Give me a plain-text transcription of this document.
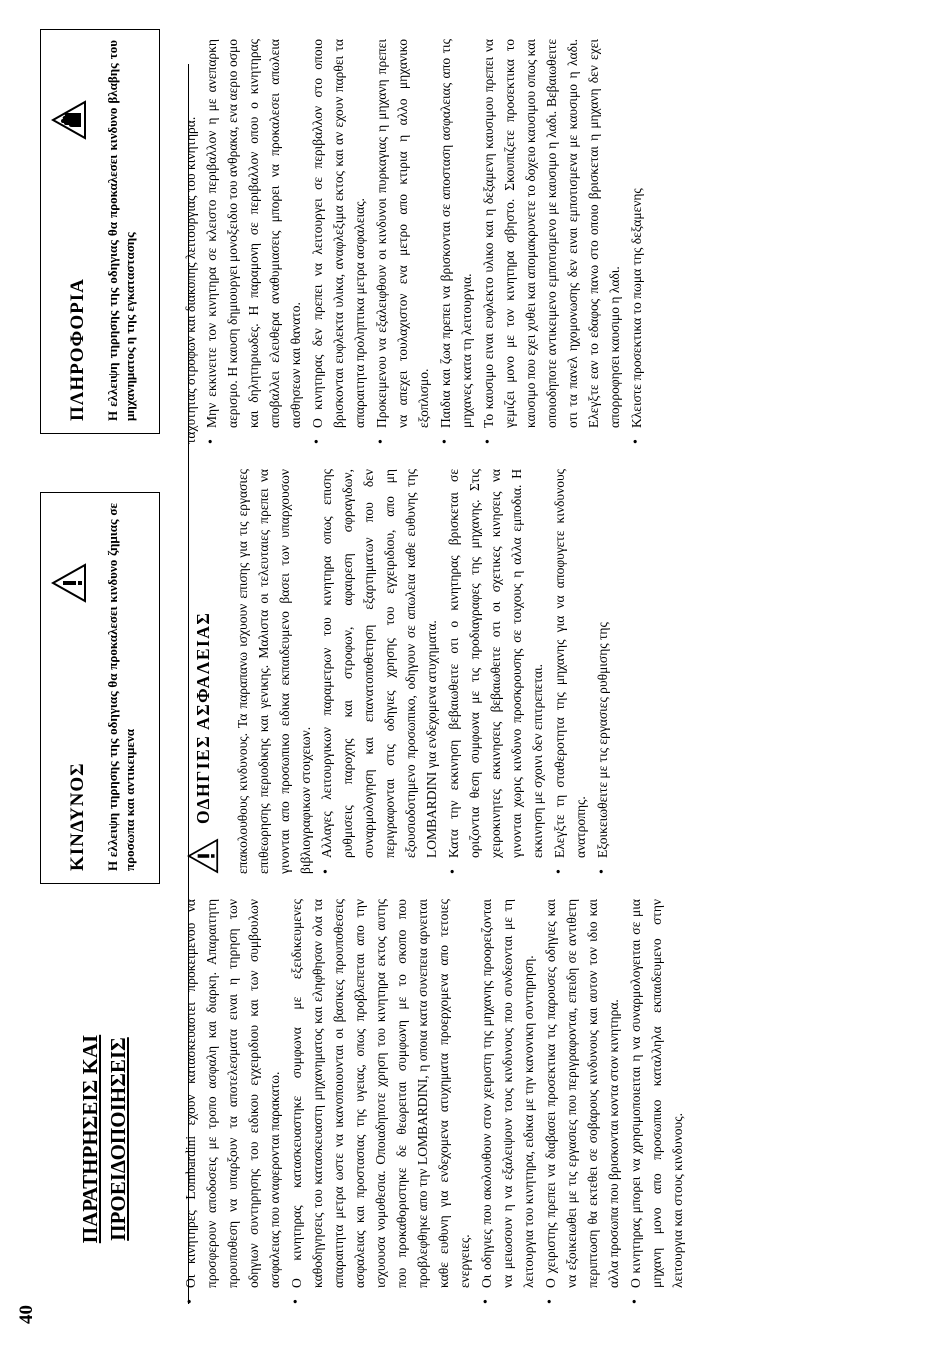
40
ΠΑΡΑΤΗΡΗΣΕΙΣ ΚΑΙ ΠΡΟΕΙΔΟΠΟΙΗΣΕΙΣ
ΚΙΝΔΥΝΟΣ Η ελλειψη τηρησης της οδηγιας θα προκαλεσει κινδυνο ζημιας σε προσωπα και αντικειμενα
ΠΛΗΡΟΦΟΡΙΑ Η ελλειψη τηρησης της οδηγιας θα προκαλεσει κινδυνο βλαβης του μηχανηματος η της εγκαταστασης
• Οι κινητηρες Lombardini εχουν κατασκευαστει προκειμενου να προσφερουν αποδοσεις με τροπο ασφαλη και διαρκη. Απαραιτητη προυποθεση να υπαρξουν τα αποτελεσματα ειναι η τηρηση των οδηγιων συντηρησης του ειδικου εγχειριδιου και των συμβουλων ασφαλειας που αναφερονται παρακατω. • Ο κινητηρας κατασκευαστηκε συμφωνα με εξειδικευμενες καθοδηγησεις του κατασκευαστη μηχανηματος και εληφθησαν ολα τα απαραιτητα μετρα ωστε να ικανοποιουνται οι βασικες προυποθεσεις ασφαλειας και προστασιας της υγειας, οπως προβλεπεται απο την ισχυουσα νομοθεσια. Οποιαδηποτε χρηση του κινητηρα εκτος αυτης που προκαθοριστηκε δε θεωρειται συμφωνη με το σκοπο που προβλεφθηκε απο την LOMBARDINI, η οποια κατα συνεπεια αρνειται καθε ευθυνη για ενδεχομενα ατυχηματα προερχομενα απο τετοιες ενεργειες. • Οι οδηγιες που ακολουθουν στον χειριστη της μηχανης προορειζονται να μειωσουν η να εξαλειψουν τους κινδυνους που συνδεονται με τη λειτουργια του κινητηρα, ειδικα με την κανονικη συντηρηση. • Ο χειριστης πρεπει να διαβασει προσεκτικα τις παρουσες οδηγιες και να εξοικειωθει με τις εργασιες που περιγραφονται, επειδη σε αντιθετη περιπτωση θα εκτεθει σε σοβαρους κινδυνους και αυτον τον ιδιο και αλλα προσωπα που βρισκονται κοντα στον κινητηρα. • Ο κινητηρας μπορει να χρησιμοποιειται η να συναρμολογειται σε μια μηχανη μονο απο προσωπικο καταλληλα εκπαιδευμενο στην λειτουργια και στους κινδυνους.
ΟΔΗΓΙΕΣ ΑΣΦΑΛΕΙΑΣ επακολουθους κινδυνους. Τα παραπανω ισχυουν επισης για τις εργασιες επιθεωρησης περιοδικης και γενικης. Μαλιστα οι τελευταιες πρεπει να γινονται απο προσωπικο ειδικα εκπαιδευμενο βασει των υπαρχουσων βιβλιογραφικων στοιχειων. • Αλλαγες λειτουργικων παραμετρων του κινητηρα οπως επισης ρυθμισεις παροχης και στροφων, αφαιρεση σφραγιδων, συναρμολογηση και επανατοποθετηση εξαρτηματων που δεν περιγραφονται στις οδηγιες χρησης του εγχειριδιου, απο μη εξουσιοδοτημενο προσωπικο, οδηγουν σε απωλεια καθε ευθυνης της LOMBARDINI για ενδεχομενα ατυχηματα. • Κατα την εκκινηση βεβαιωθειτε οτι ο κινητηρας βρισκεται σε οριζοντια θεση συμφωνα με τις προδιαγραφες της μηχανης. Στις χειροκινητες εκκινησεις βεβαιωθειτε οτι οι σχετικες κινησεις να γινονται χωρις κινδυνο προσκρουσης σε τοιχους η αλλα εμποδια. Η εκκινηση με σχοινι δεν επιτρεπεται. • Ελεγξτε τη σταθεροτητα της μηχανης για να αποφυγετε κινδυνους ανατροπης. • Εξοικειωθειτε με τις εργασιες ρυθμισης της

ταχυτητας στροφων και διακοπης λειτουργιας του κινητηρα. • Μην εκκινειτε τον κινητηρα σε κλειστο περιβαλλον η με ανεπαρκη αερισμο. Η καυση δημιουργει μονοξειδιο του ανθρακα, ενα αεριο οσμο και δηλητηριωδες. Η παραμονη σε περιβαλλον οπου ο κινητηρας αποβαλλει ελευθερα αναθυμιασεις μπορει να προκαλεσει απωλεια αισθησεων και θανατο. • Ο κινητηρας δεν πρεπει να λειτουργει σε περιβαλλον στο οποιο βρισκονται ευφλεκτα υλικα, αναφλεξιμα εκτος και αν εχουν παρθει τα απαραιτητα προληπτικα μετρα ασφαλειας. • Προκειμενου να εξαλειφθουν οι κινδυνοι πυρκαγιας η μηχανη πρεπει να απεχει τουλαχιστον ενα μετρο απο κτιρια η αλλο μηχανικο εξοπλισμο. • Παιδια και ζωα πρεπει να βρισκονται σε αποσταση ασφαλειας απο τις μηχανες κατα τη λειτουργια. • Το καυσιμο ειναι ευφλεκτο υλικο και η δεξαμενη καυσιμου πρεπει να γεμιζει μονο με τον κινητηρα σβηστο. Σκουπιζετε προσεκτικα το καυσιμο που εχει χυθει και απομακρυνετε το δοχειο καυσιμου οπως και οποιοδηποτε αντικειμενο εμποτισμενο με καυσιμο η λαδι. Βεβαιωθειτε οτι τα πανελ ηχομονωσης δεν ειναι εμποτισμενα με καυσιμο η λαδι. Ελεγξτε εαν το εδαφος πανω στο οποιο βρισκεται η μηχανη δεν εχει απορροφησει καυσιμο η λαδι. • Κλειστε προσεκτικα το πωμα της δεξαμενης
